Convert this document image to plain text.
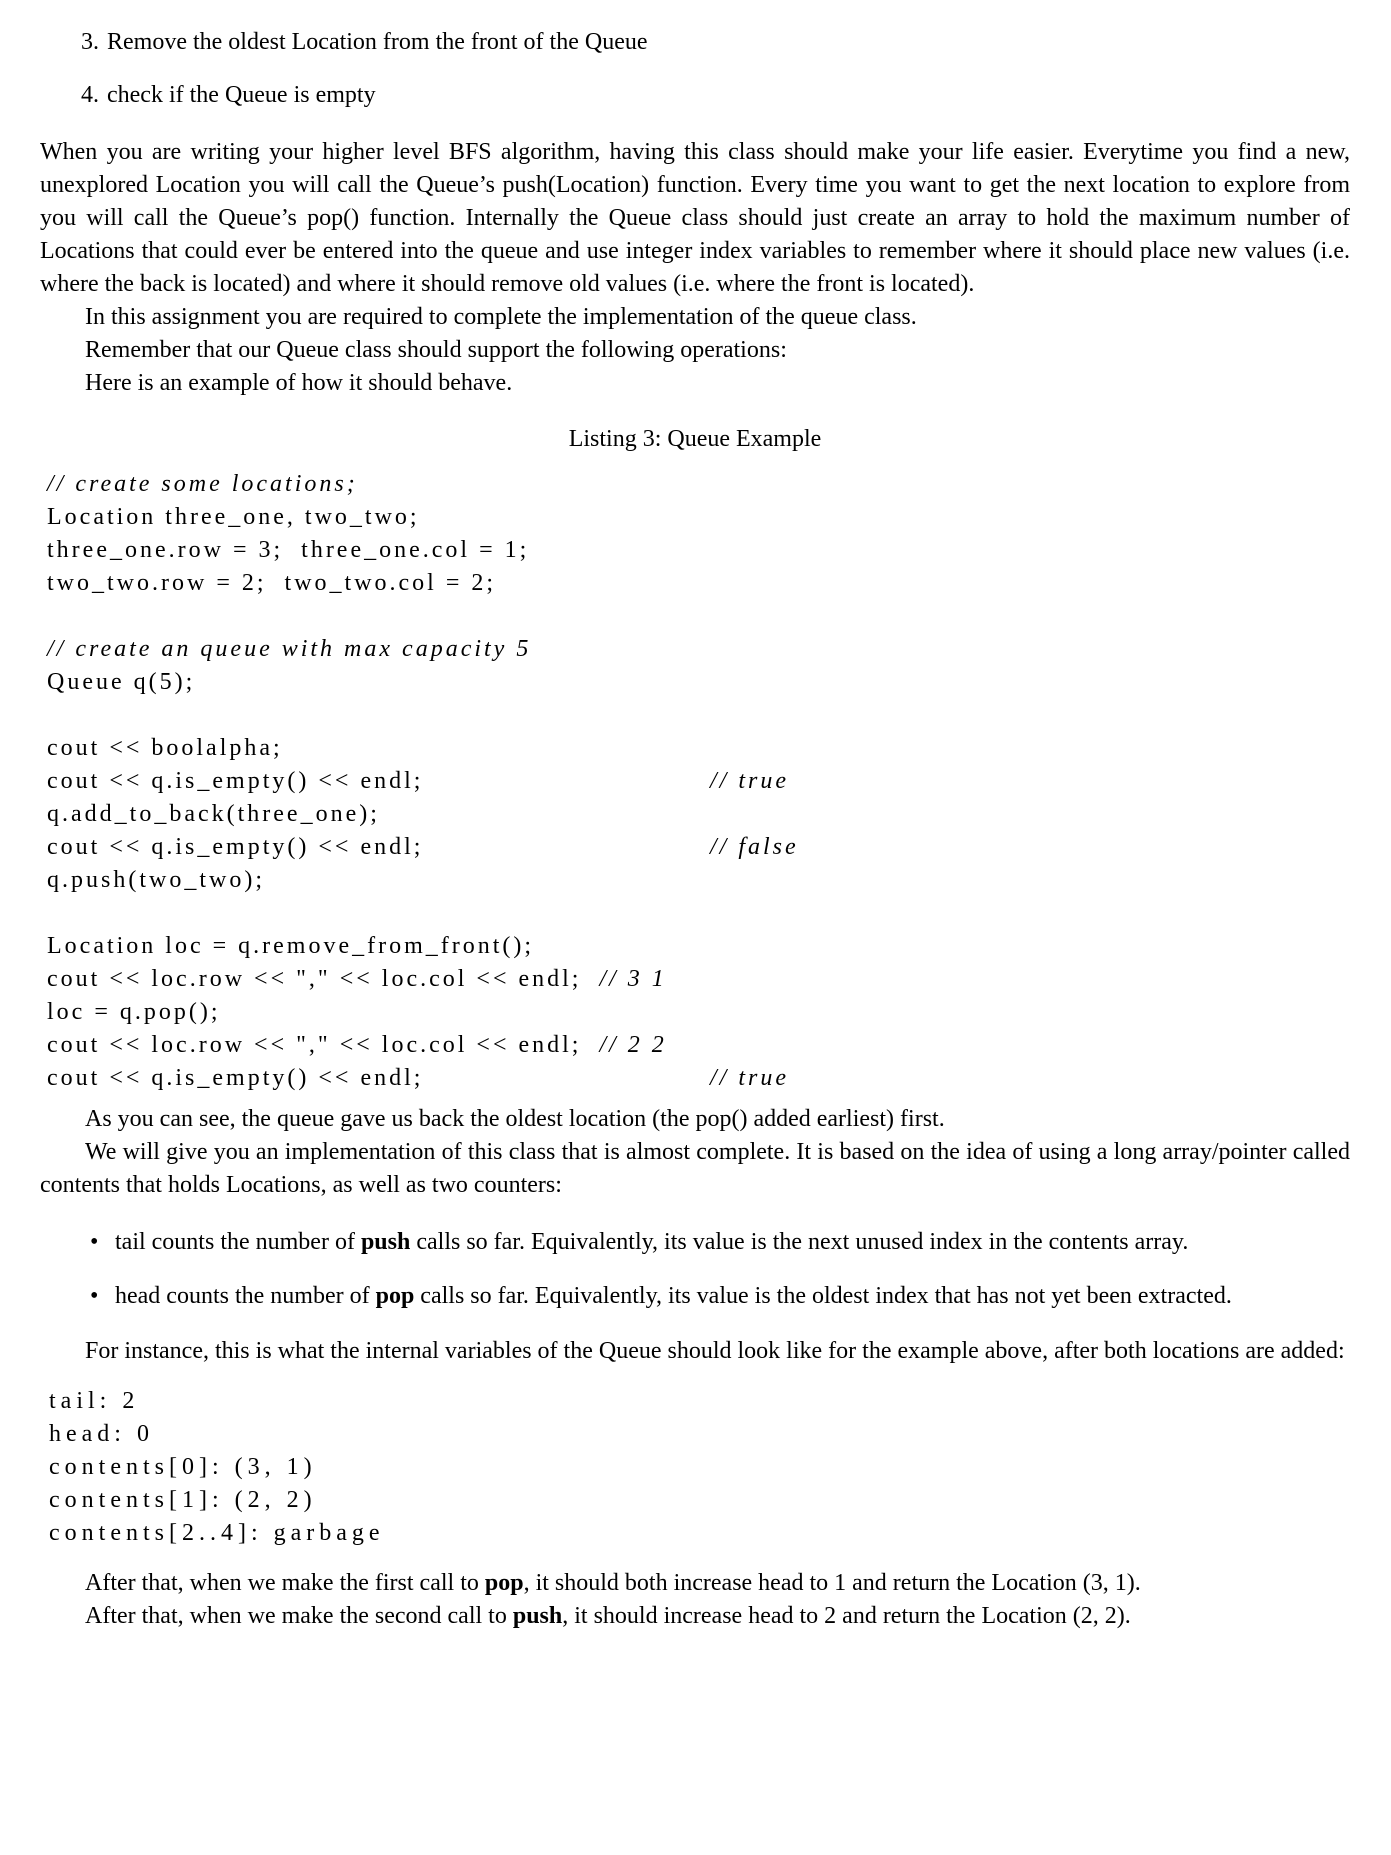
3. Remove the oldest Location from the front of the Queue
4. check if the Queue is empty

When you are writing your higher level BFS algorithm, having this class should make your life easier. Everytime you find a new, unexplored Location you will call the Queue’s push(Location) function. Every time you want to get the next location to explore from you will call the Queue’s pop() function. Internally the Queue class should just create an array to hold the maximum number of Locations that could ever be entered into the queue and use integer index variables to remember where it should place new values (i.e. where the back is located) and where it should remove old values (i.e. where the front is located).

In this assignment you are required to complete the implementation of the queue class.

Remember that our Queue class should support the following operations:

Here is an example of how it should behave.

Listing 3: Queue Example
// create some locations;
Location three_one, two_two;
three_one.row = 3;  three_one.col = 1;
two_two.row = 2;  two_two.col = 2;
// create an queue with max capacity 5
Queue q(5);
cout << boolalpha;
cout << q.is_empty() << endl;	// true
q.add_to_back(three_one);
cout << q.is_empty() << endl;	// false
q.push(two_two);
Location loc = q.remove_from_front();
cout << loc.row << "," << loc.col << endl; // 3 1
loc = q.pop();
cout << loc.row << "," << loc.col << endl; // 2 2
cout << q.is_empty() << endl;	// true

As you can see, the queue gave us back the oldest location (the pop() added earliest) first.

We will give you an implementation of this class that is almost complete. It is based on the idea of using a long array/pointer called contents that holds Locations, as well as two counters:

• tail counts the number of push calls so far. Equivalently, its value is the next unused index in the contents array.
• head counts the number of pop calls so far. Equivalently, its value is the oldest index that has not yet been extracted.

For instance, this is what the internal variables of the Queue should look like for the example above, after both locations are added:

tail: 2
head: 0
contents[0]: (3, 1)
contents[1]: (2, 2)
contents[2..4]: garbage

After that, when we make the first call to pop, it should both increase head to 1 and return the Location (3, 1).

After that, when we make the second call to push, it should increase head to 2 and return the Location (2, 2).
